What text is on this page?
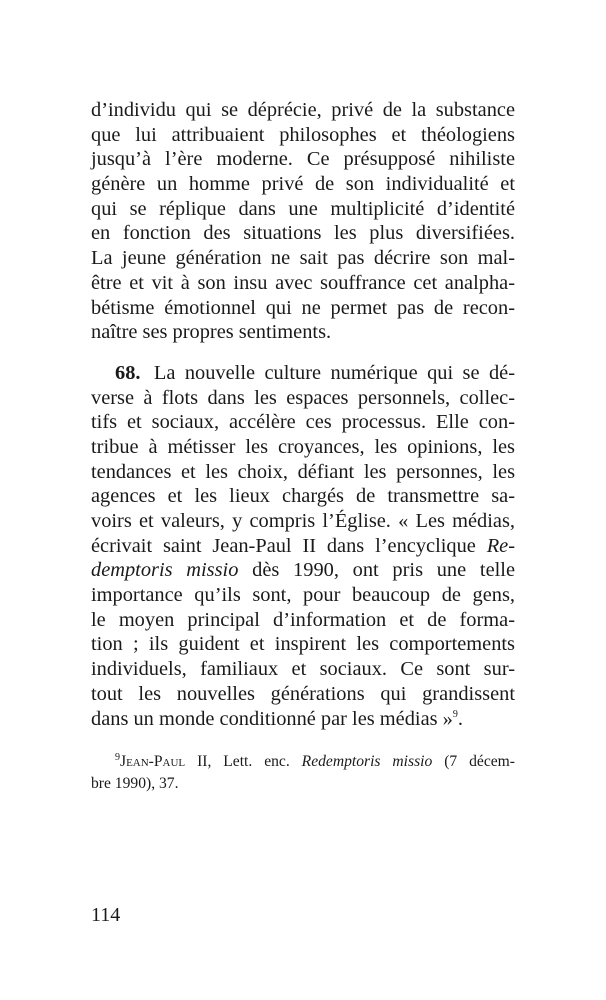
d’individu qui se déprécie, privé de la substance
que lui attribuaient philosophes et théologiens
jusqu’à l’ère moderne. Ce présupposé nihiliste
génère un homme privé de son individualité et
qui se réplique dans une multiplicité d’identité
en fonction des situations les plus diversifiées.
La jeune génération ne sait pas décrire son mal-
être et vit à son insu avec souffrance cet analpha-
bétisme émotionnel qui ne permet pas de recon-
naître ses propres sentiments.
68. La nouvelle culture numérique qui se dé-
verse à flots dans les espaces personnels, collec-
tifs et sociaux, accélère ces processus. Elle con-
tribue à métisser les croyances, les opinions, les
tendances et les choix, défiant les personnes, les
agences et les lieux chargés de transmettre sa-
voirs et valeurs, y compris l’Église. « Les médias,
écrivait saint Jean-Paul II dans l’encyclique Re-
demptoris missio dès 1990, ont pris une telle
importance qu’ils sont, pour beaucoup de gens,
le moyen principal d’information et de forma-
tion ; ils guident et inspirent les comportements
individuels, familiaux et sociaux. Ce sont sur-
tout les nouvelles générations qui grandissent
dans un monde conditionné par les médias »$^9$.
$^9$Jean-Paul II, Lett. enc. Redemptoris missio (7 décem-
bre 1990), 37.
114
